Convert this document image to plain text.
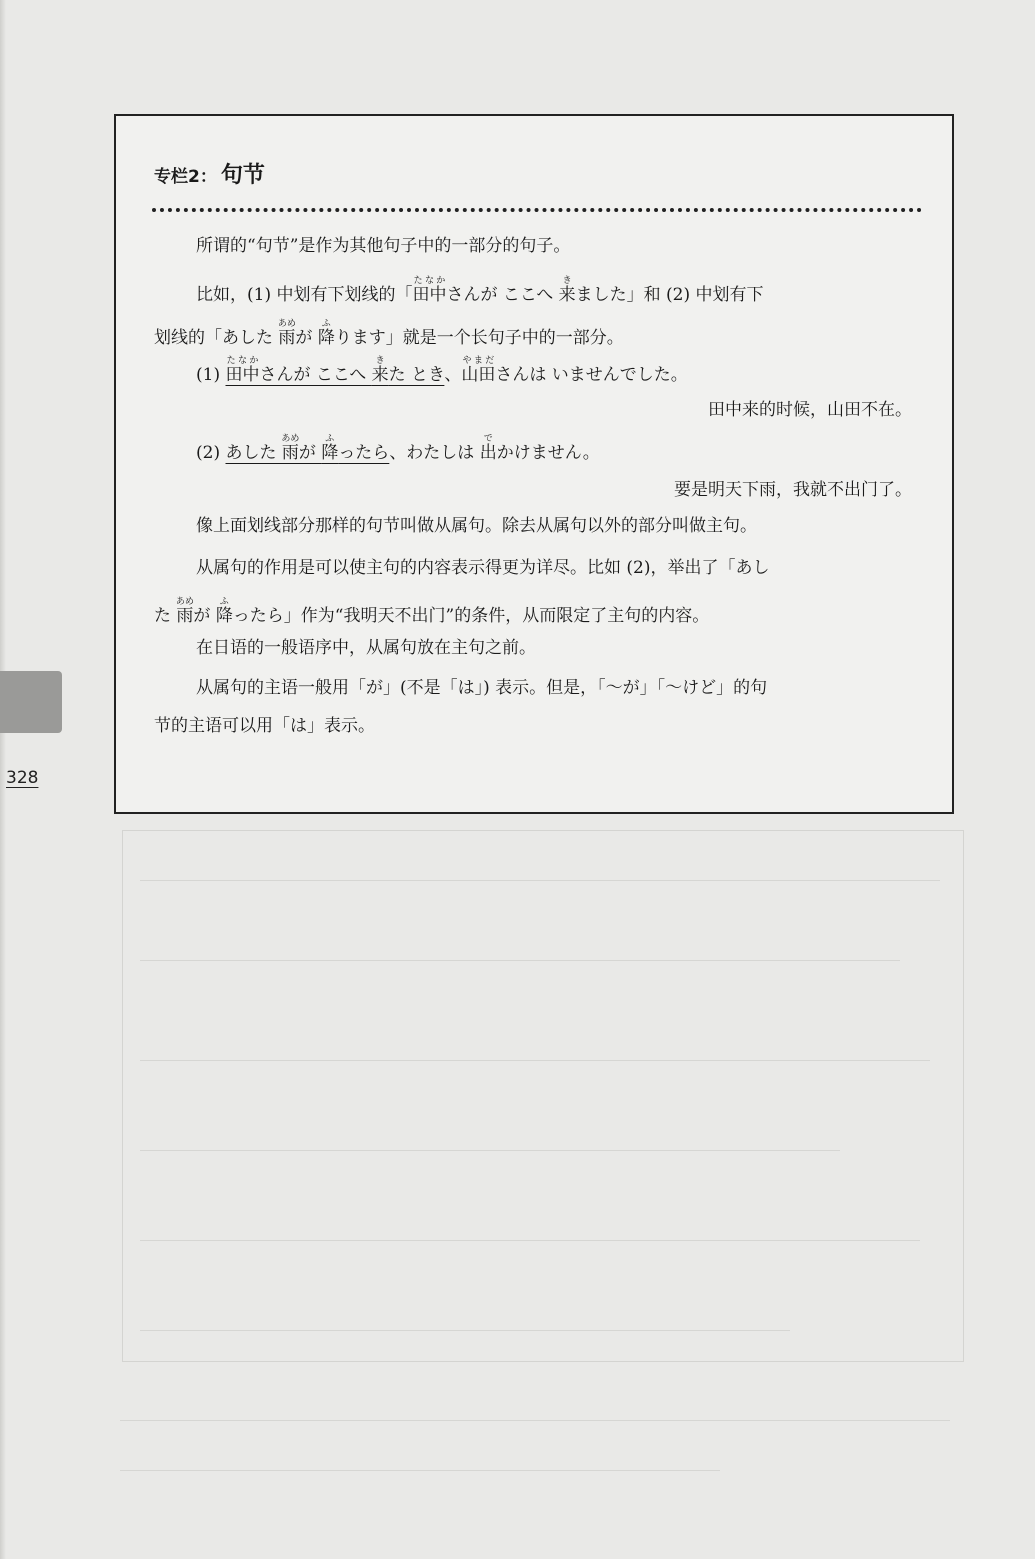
328
专栏2： 句节
所谓的“句节”是作为其他句子中的一部分的句子。
比如，(1) 中划有下划线的「田中たなかさんが ここへ 来きました」和 (2) 中划有下
划线的「あした 雨あめが 降ふります」就是一个长句子中的一部分。
(1) 田中たなかさんが ここへ 来きた とき、山田やまださんは いませんでした。
田中来的时候，山田不在。
(2) あした 雨あめが 降ふったら、わたしは 出でかけません。
要是明天下雨，我就不出门了。
像上面划线部分那样的句节叫做从属句。除去从属句以外的部分叫做主句。
从属句的作用是可以使主句的内容表示得更为详尽。比如 (2)，举出了「あし
た 雨あめが 降ふったら」作为“我明天不出门”的条件，从而限定了主句的内容。
在日语的一般语序中，从属句放在主句之前。
从属句的主语一般用「が」(不是「は」) 表示。但是，「～が」「～けど」的句
节的主语可以用「は」表示。
